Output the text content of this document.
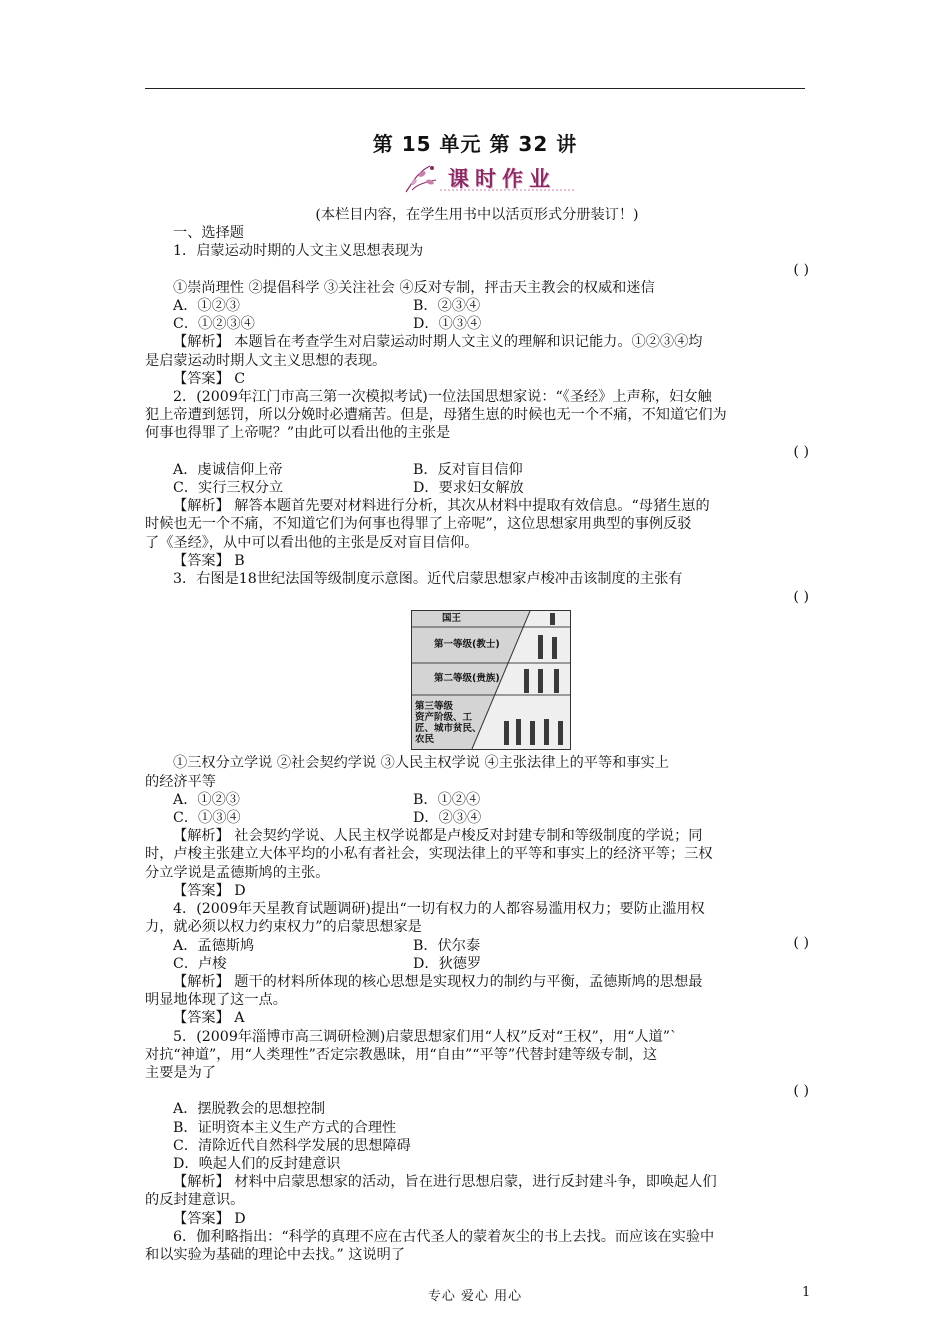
第 15 单元 第 32 讲
课时作业
(本栏目内容，在学生用书中以活页形式分册装订！)
一、选择题
1．启蒙运动时期的人文主义思想表现为
( )
①崇尚理性 ②提倡科学 ③关注社会 ④反对专制，抨击天主教会的权威和迷信
A．①②③	B．②③④
C．①②③④	D．①③④
【解析】 本题旨在考查学生对启蒙运动时期人文主义的理解和识记能力。①②③④均
是启蒙运动时期人文主义思想的表现。
【答案】 C
2．(2009年江门市高三第一次模拟考试)一位法国思想家说：“《圣经》上声称，妇女触
犯上帝遭到惩罚，所以分娩时必遭痛苦。但是，母猪生崽的时候也无一个不痛，不知道它们为
何事也得罪了上帝呢？”由此可以看出他的主张是
( )
A．虔诚信仰上帝	B．反对盲目信仰
C．实行三权分立	D．要求妇女解放
【解析】 解答本题首先要对材料进行分析，其次从材料中提取有效信息。“母猪生崽的
时候也无一个不痛，不知道它们为何事也得罪了上帝呢”，这位思想家用典型的事例反驳
了《圣经》，从中可以看出他的主张是反对盲目信仰。
【答案】 B
3．右图是18世纪法国等级制度示意图。近代启蒙思想家卢梭冲击该制度的主张有
( )
国王
第一等级(教士)
第二等级(贵族)
第三等级
资产阶级、工
匠、城市贫民、
农民
①三权分立学说 ②社会契约学说 ③人民主权学说 ④主张法律上的平等和事实上
的经济平等
A．①②③	B．①②④
C．①③④	D．②③④
【解析】 社会契约学说、人民主权学说都是卢梭反对封建专制和等级制度的学说；同
时，卢梭主张建立大体平均的小私有者社会，实现法律上的平等和事实上的经济平等；三权
分立学说是孟德斯鸠的主张。
【答案】 D
4．(2009年天星教育试题调研)提出“一切有权力的人都容易滥用权力；要防止滥用权
力，就必须以权力约束权力”的启蒙思想家是
A．孟德斯鸠	B．伏尔泰	( )
C．卢梭	D．狄德罗
【解析】 题干的材料所体现的核心思想是实现权力的制约与平衡，孟德斯鸠的思想最
明显地体现了这一点。
【答案】 A
5．(2009年淄博市高三调研检测)启蒙思想家们用“人权”反对“王权”，用“人道”`
对抗“神道”，用“人类理性”否定宗教愚昧，用“自由”“平等”代替封建等级专制，这
主要是为了
( )
A．摆脱教会的思想控制
B．证明资本主义生产方式的合理性
C．清除近代自然科学发展的思想障碍
D．唤起人们的反封建意识
【解析】 材料中启蒙思想家的活动，旨在进行思想启蒙，进行反封建斗争，即唤起人们
的反封建意识。
【答案】 D
6．伽利略指出：“科学的真理不应在古代圣人的蒙着灰尘的书上去找。而应该在实验中
和以实验为基础的理论中去找。” 这说明了
专心 爱心 用心	1
